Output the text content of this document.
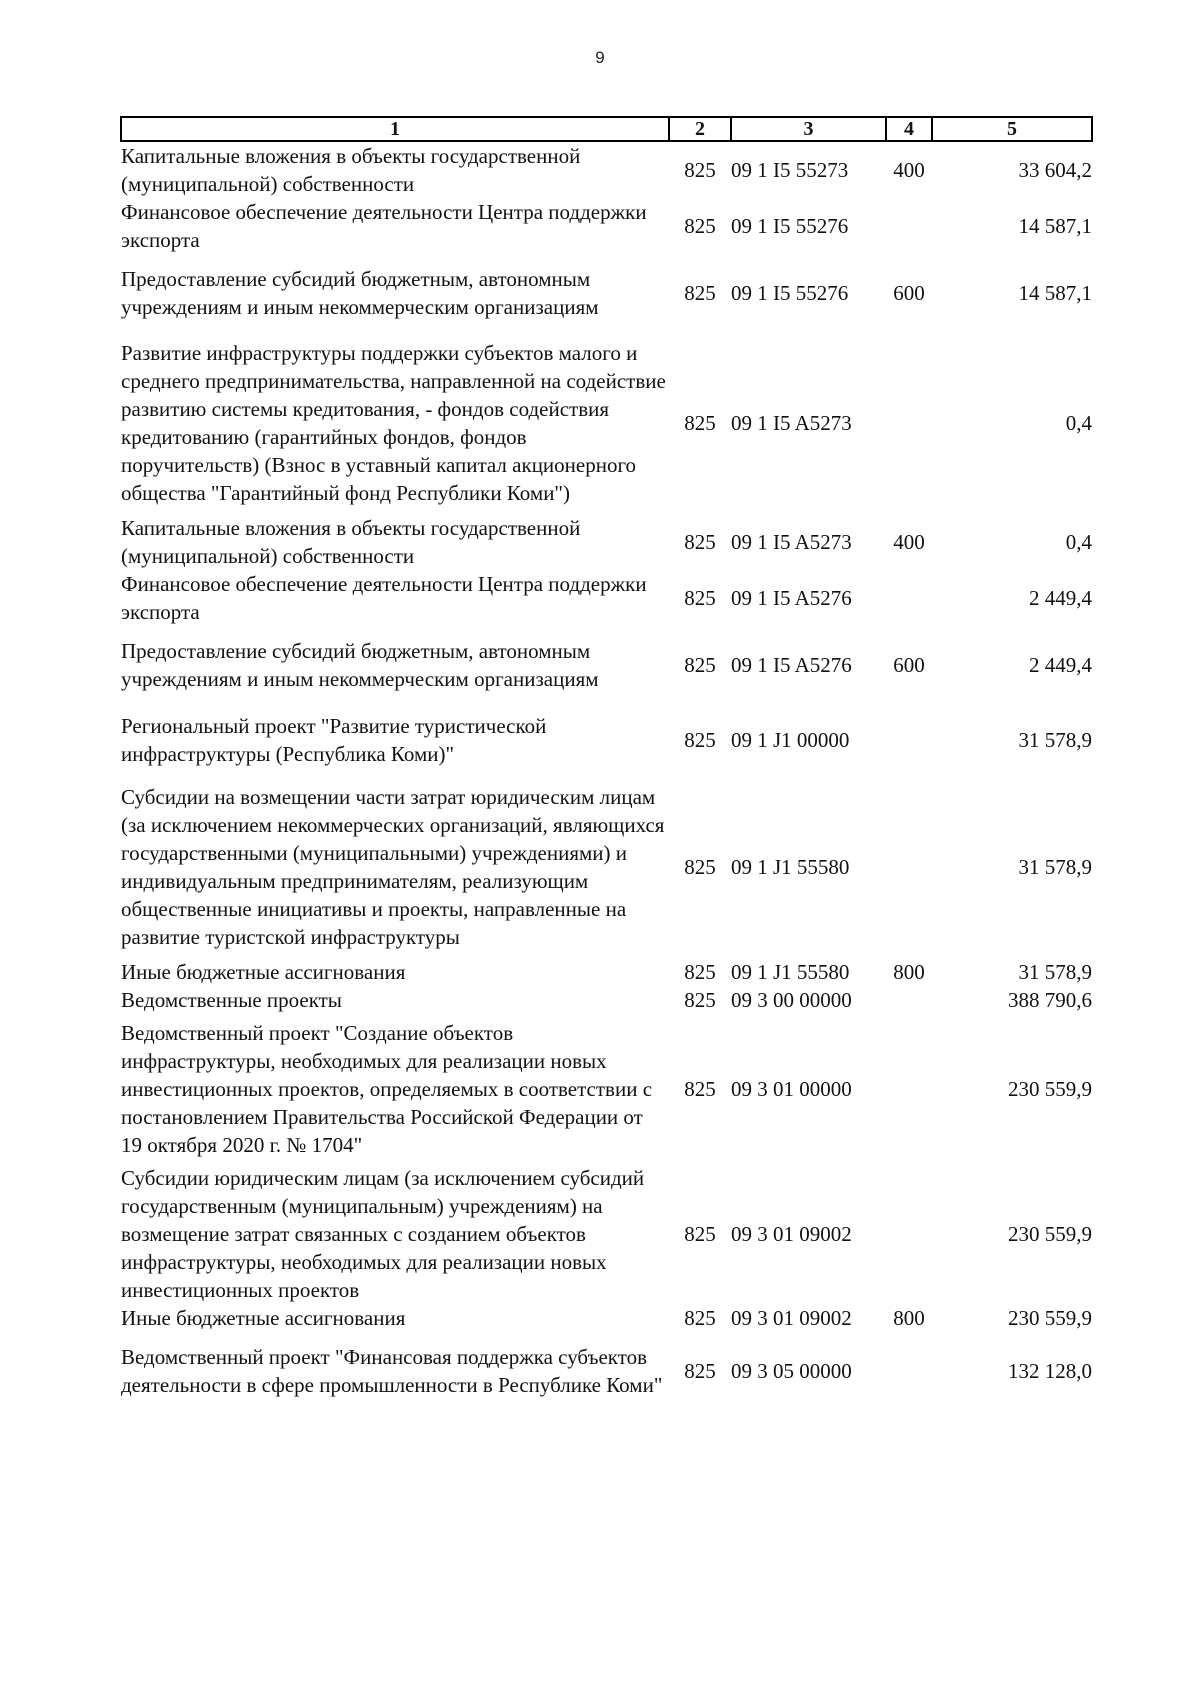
9
1	2	3	4	5
Капитальные вложения в объекты государственной (муниципальной) собственности	825	09 1 I5 55273	400	33 604,2
Финансовое обеспечение деятельности Центра поддержки экспорта	825	09 1 I5 55276		14 587,1
Предоставление субсидий бюджетным, автономным учреждениям и иным некоммерческим организациям	825	09 1 I5 55276	600	14 587,1
Развитие инфраструктуры поддержки субъектов малого и среднего предпринимательства, направленной на содействие развитию системы кредитования, - фондов содействия кредитованию (гарантийных фондов, фондов поручительств) (Взнос в уставный капитал акционерного общества "Гарантийный фонд Республики Коми")	825	09 1 I5 A5273		0,4
Капитальные вложения в объекты государственной (муниципальной) собственности	825	09 1 I5 A5273	400	0,4
Финансовое обеспечение деятельности Центра поддержки экспорта	825	09 1 I5 A5276		2 449,4
Предоставление субсидий бюджетным, автономным учреждениям и иным некоммерческим организациям	825	09 1 I5 A5276	600	2 449,4
Региональный проект "Развитие туристической инфраструктуры (Республика Коми)"	825	09 1 J1 00000		31 578,9
Субсидии на возмещении части затрат юридическим лицам (за исключением некоммерческих организаций, являющихся государственными (муниципальными) учреждениями) и индивидуальным предпринимателям, реализующим общественные инициативы и проекты, направленные на развитие туристской инфраструктуры	825	09 1 J1 55580		31 578,9
Иные бюджетные ассигнования	825	09 1 J1 55580	800	31 578,9
Ведомственные проекты	825	09 3 00 00000		388 790,6
Ведомственный проект "Создание объектов инфраструктуры, необходимых для реализации новых инвестиционных проектов, определяемых в соответствии с постановлением Правительства Российской Федерации от 19 октября 2020 г. № 1704"	825	09 3 01 00000		230 559,9
Субсидии юридическим лицам (за исключением субсидий государственным (муниципальным) учреждениям) на возмещение затрат связанных с созданием объектов инфраструктуры, необходимых для реализации новых инвестиционных проектов	825	09 3 01 09002		230 559,9
Иные бюджетные ассигнования	825	09 3 01 09002	800	230 559,9
Ведомственный проект "Финансовая поддержка субъектов деятельности в сфере промышленности в Республике Коми"	825	09 3 05 00000		132 128,0
